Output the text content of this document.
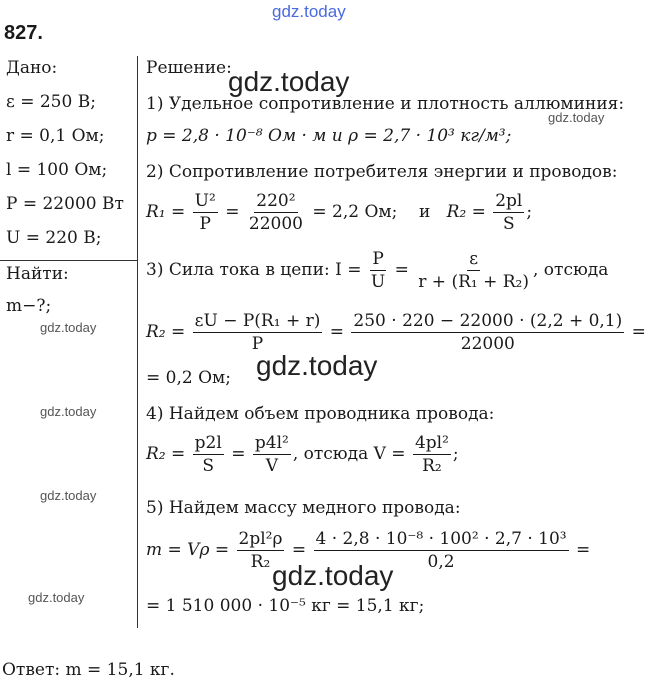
gdz.today
827.
Дано:
ε = 250 В;
r = 0,1 Ом;
l = 100 Ом;
P = 22000 Вт
U = 220 В;
Найти:
m−?;
gdz.today
gdz.today
gdz.today
gdz.today
Решение:
gdz.today
1) Удельное сопротивление и плотность аллюминия:
p = 2,8 · 10⁻⁸ Ом · м и ρ = 2,7 · 10³ кг/м³;
gdz.today
2) Сопротивление потребителя энергии и проводов:
$R_1 = \frac{\text{U²}}{P} = \frac{\text{220²}}{22000} = 2,2$ Ом; и $R_2 = \frac{2pl}{S}$ ;
3) Сила тока в цепи: $I = \frac{P}{U} = \frac{\varepsilon}{\text{r + (R₁ + R₂)}}$ , отсюда
$R_2 = \frac{\text{εU − P(R₁ + r)}}{P} = \frac{250 \cdot 220 - 22000 \cdot (2,2 + 0,1)}{22000}$ =
= 0,2 Ом; gdz.today
4) Найдем объем проводника провода:
$R_2 = \frac{p2l}{S} = \frac{\text{p4l²}}{V}$ , отсюда $V = \frac{\text{4pl²}}{\text{R₂}}$ ;
5) Найдем массу медного провода:
$m = V\rho = \frac{\text{2pl²ρ}}{\text{R₂}} = \frac{\text{4 · 2,8 · 10⁻⁸ · 100² · 2,7 · 10³}}{0,2}$ =
gdz.today
= 1 510 000 · 10⁻⁵ кг = 15,1 кг;
Ответ: m = 15,1 кг.
